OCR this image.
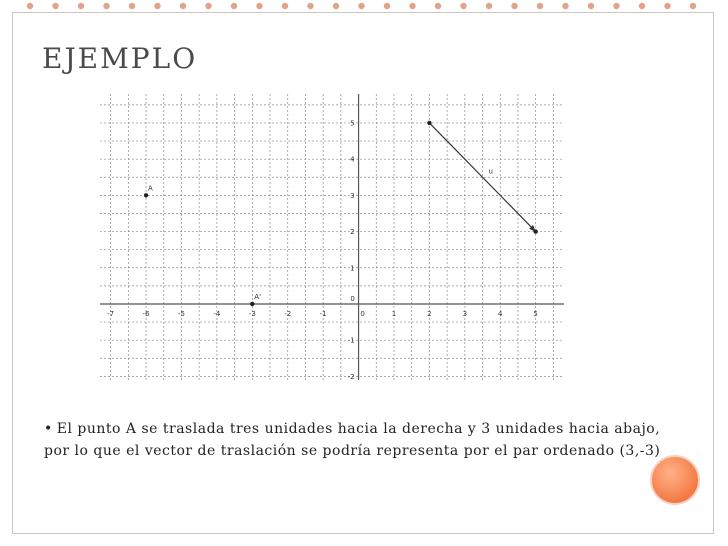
EJEMPLO
-7	-6	-5	-4	-3	-2	-1	0	1	2	3	4	5
-2
-1
0
1
2
3
4
5
u
A
A'

• El punto A se traslada tres unidades hacia la derecha y 3 unidades hacia abajo, por lo que el vector de traslación se podría representa por el par ordenado (3,-3)
